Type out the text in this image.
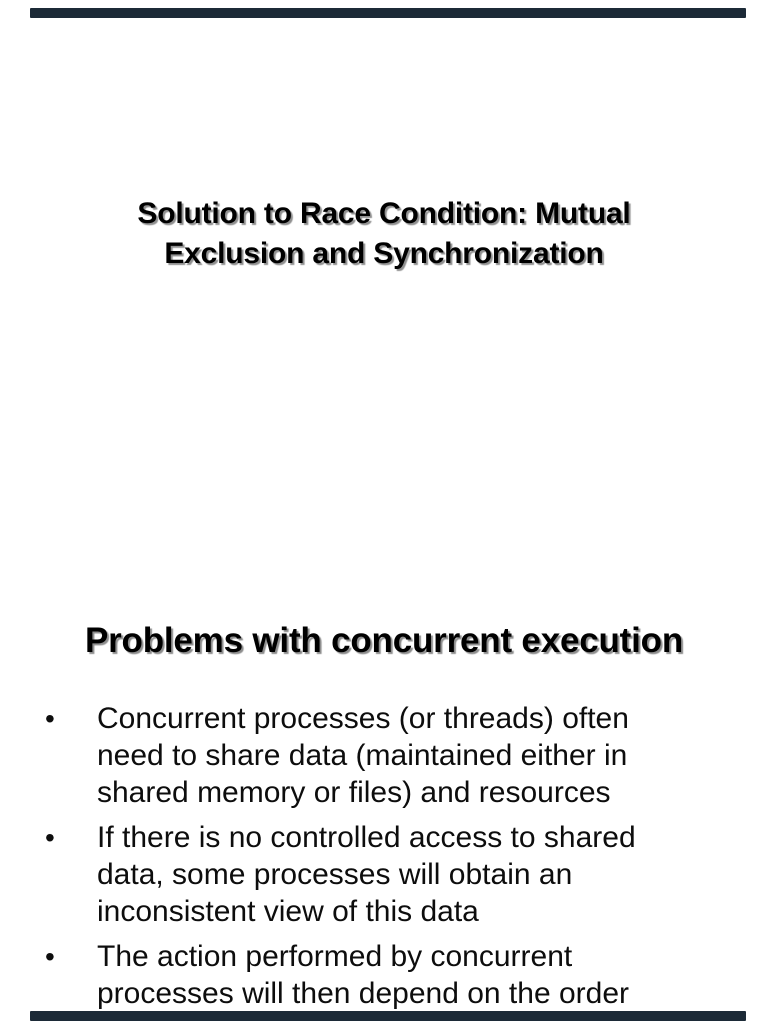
Solution to Race Condition: Mutual
Exclusion and Synchronization
Problems with concurrent execution
•	Concurrent processes (or threads) often
need to share data (maintained either in
shared memory or files) and resources
•	If there is no controlled access to shared
data, some processes will obtain an
inconsistent view of this data
•	The action performed by concurrent
processes will then depend on the order
